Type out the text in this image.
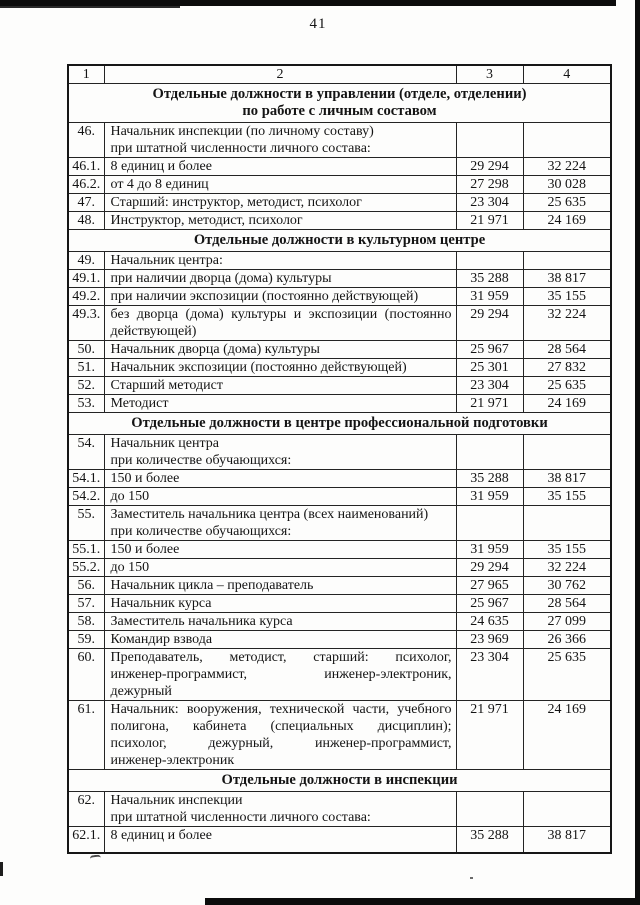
41
1	2	3	4

Отдельные должности в управлении (отделе, отделении)
по работе с личным составом			

46.	Начальник инспекции (по личному составу)
при штатной численности личного состава:		

46.1.	8 единиц и более	29 294	32 224
46.2.	от 4 до 8 единиц	27 298	30 028
47.	Старший: инструктор, методист, психолог	23 304	25 635
48.	Инструктор, методист, психолог	21 971	24 169

Отдельные должности в культурном центре			

49.	Начальник центра:		

49.1.	при наличии дворца (дома) культуры	35 288	38 817
49.2.	при наличии экспозиции (постоянно действующей)	31 959	35 155
49.3.	без дворца (дома) культуры и экспозиции (постоянно
действующей)	29 294	32 224
50.	Начальник дворца (дома) культуры	25 967	28 564
51.	Начальник экспозиции (постоянно действующей)	25 301	27 832
52.	Старший методист	23 304	25 635
53.	Методист	21 971	24 169

Отдельные должности в центре профессиональной подготовки			

54.	Начальник центра
при количестве обучающихся:		

54.1.	150 и более	35 288	38 817
54.2.	до 150	31 959	35 155
55.	Заместитель начальника центра (всех наименований)
при количестве обучающихся:		

55.1.	150 и более	31 959	35 155
55.2.	до 150	29 294	32 224
56.	Начальник цикла – преподаватель	27 965	30 762
57.	Начальник курса	25 967	28 564
58.	Заместитель начальника курса	24 635	27 099
59.	Командир взвода	23 969	26 366
60.	Преподаватель, методист, старший: психолог,
инженер-программист, инженер-электроник,
дежурный	23 304	25 635
61.	Начальник: вооружения, технической части, учебного
полигона, кабинета (специальных дисциплин);
психолог, дежурный, инженер-программист,
инженер-электроник	21 971	24 169

Отдельные должности в инспекции			

62.	Начальник инспекции
при штатной численности личного состава:		

62.1.	8 единиц и более	35 288	38 817
